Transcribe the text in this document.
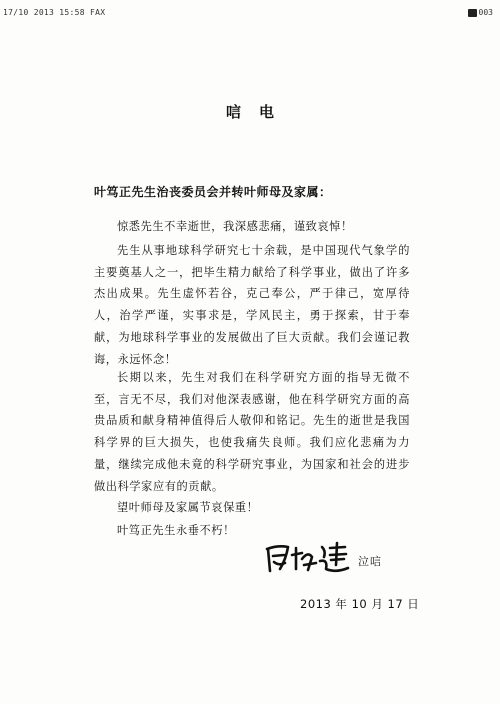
17/10 2013 15:58 FAX	003
唁电
叶笃正先生治丧委员会并转叶师母及家属：

惊悉先生不幸逝世，我深感悲痛，谨致哀悼！

先生从事地球科学研究七十余载，是中国现代气象学的主要奠基人之一，把毕生精力献给了科学事业，做出了许多杰出成果。先生虚怀若谷，克己奉公，严于律己，宽厚待人，治学严谨，实事求是，学风民主，勇于探索，甘于奉献，为地球科学事业的发展做出了巨大贡献。我们会谨记教诲，永远怀念！

长期以来，先生对我们在科学研究方面的指导无微不至，言无不尽，我们对他深表感谢，他在科学研究方面的高贵品质和献身精神值得后人敬仰和铭记。先生的逝世是我国科学界的巨大损失，也使我痛失良师。我们应化悲痛为力量，继续完成他未竟的科学研究事业，为国家和社会的进步做出科学家应有的贡献。

望叶师母及家属节哀保重！

叶笃正先生永垂不朽！

泣唁
2013 年 10 月 17 日
